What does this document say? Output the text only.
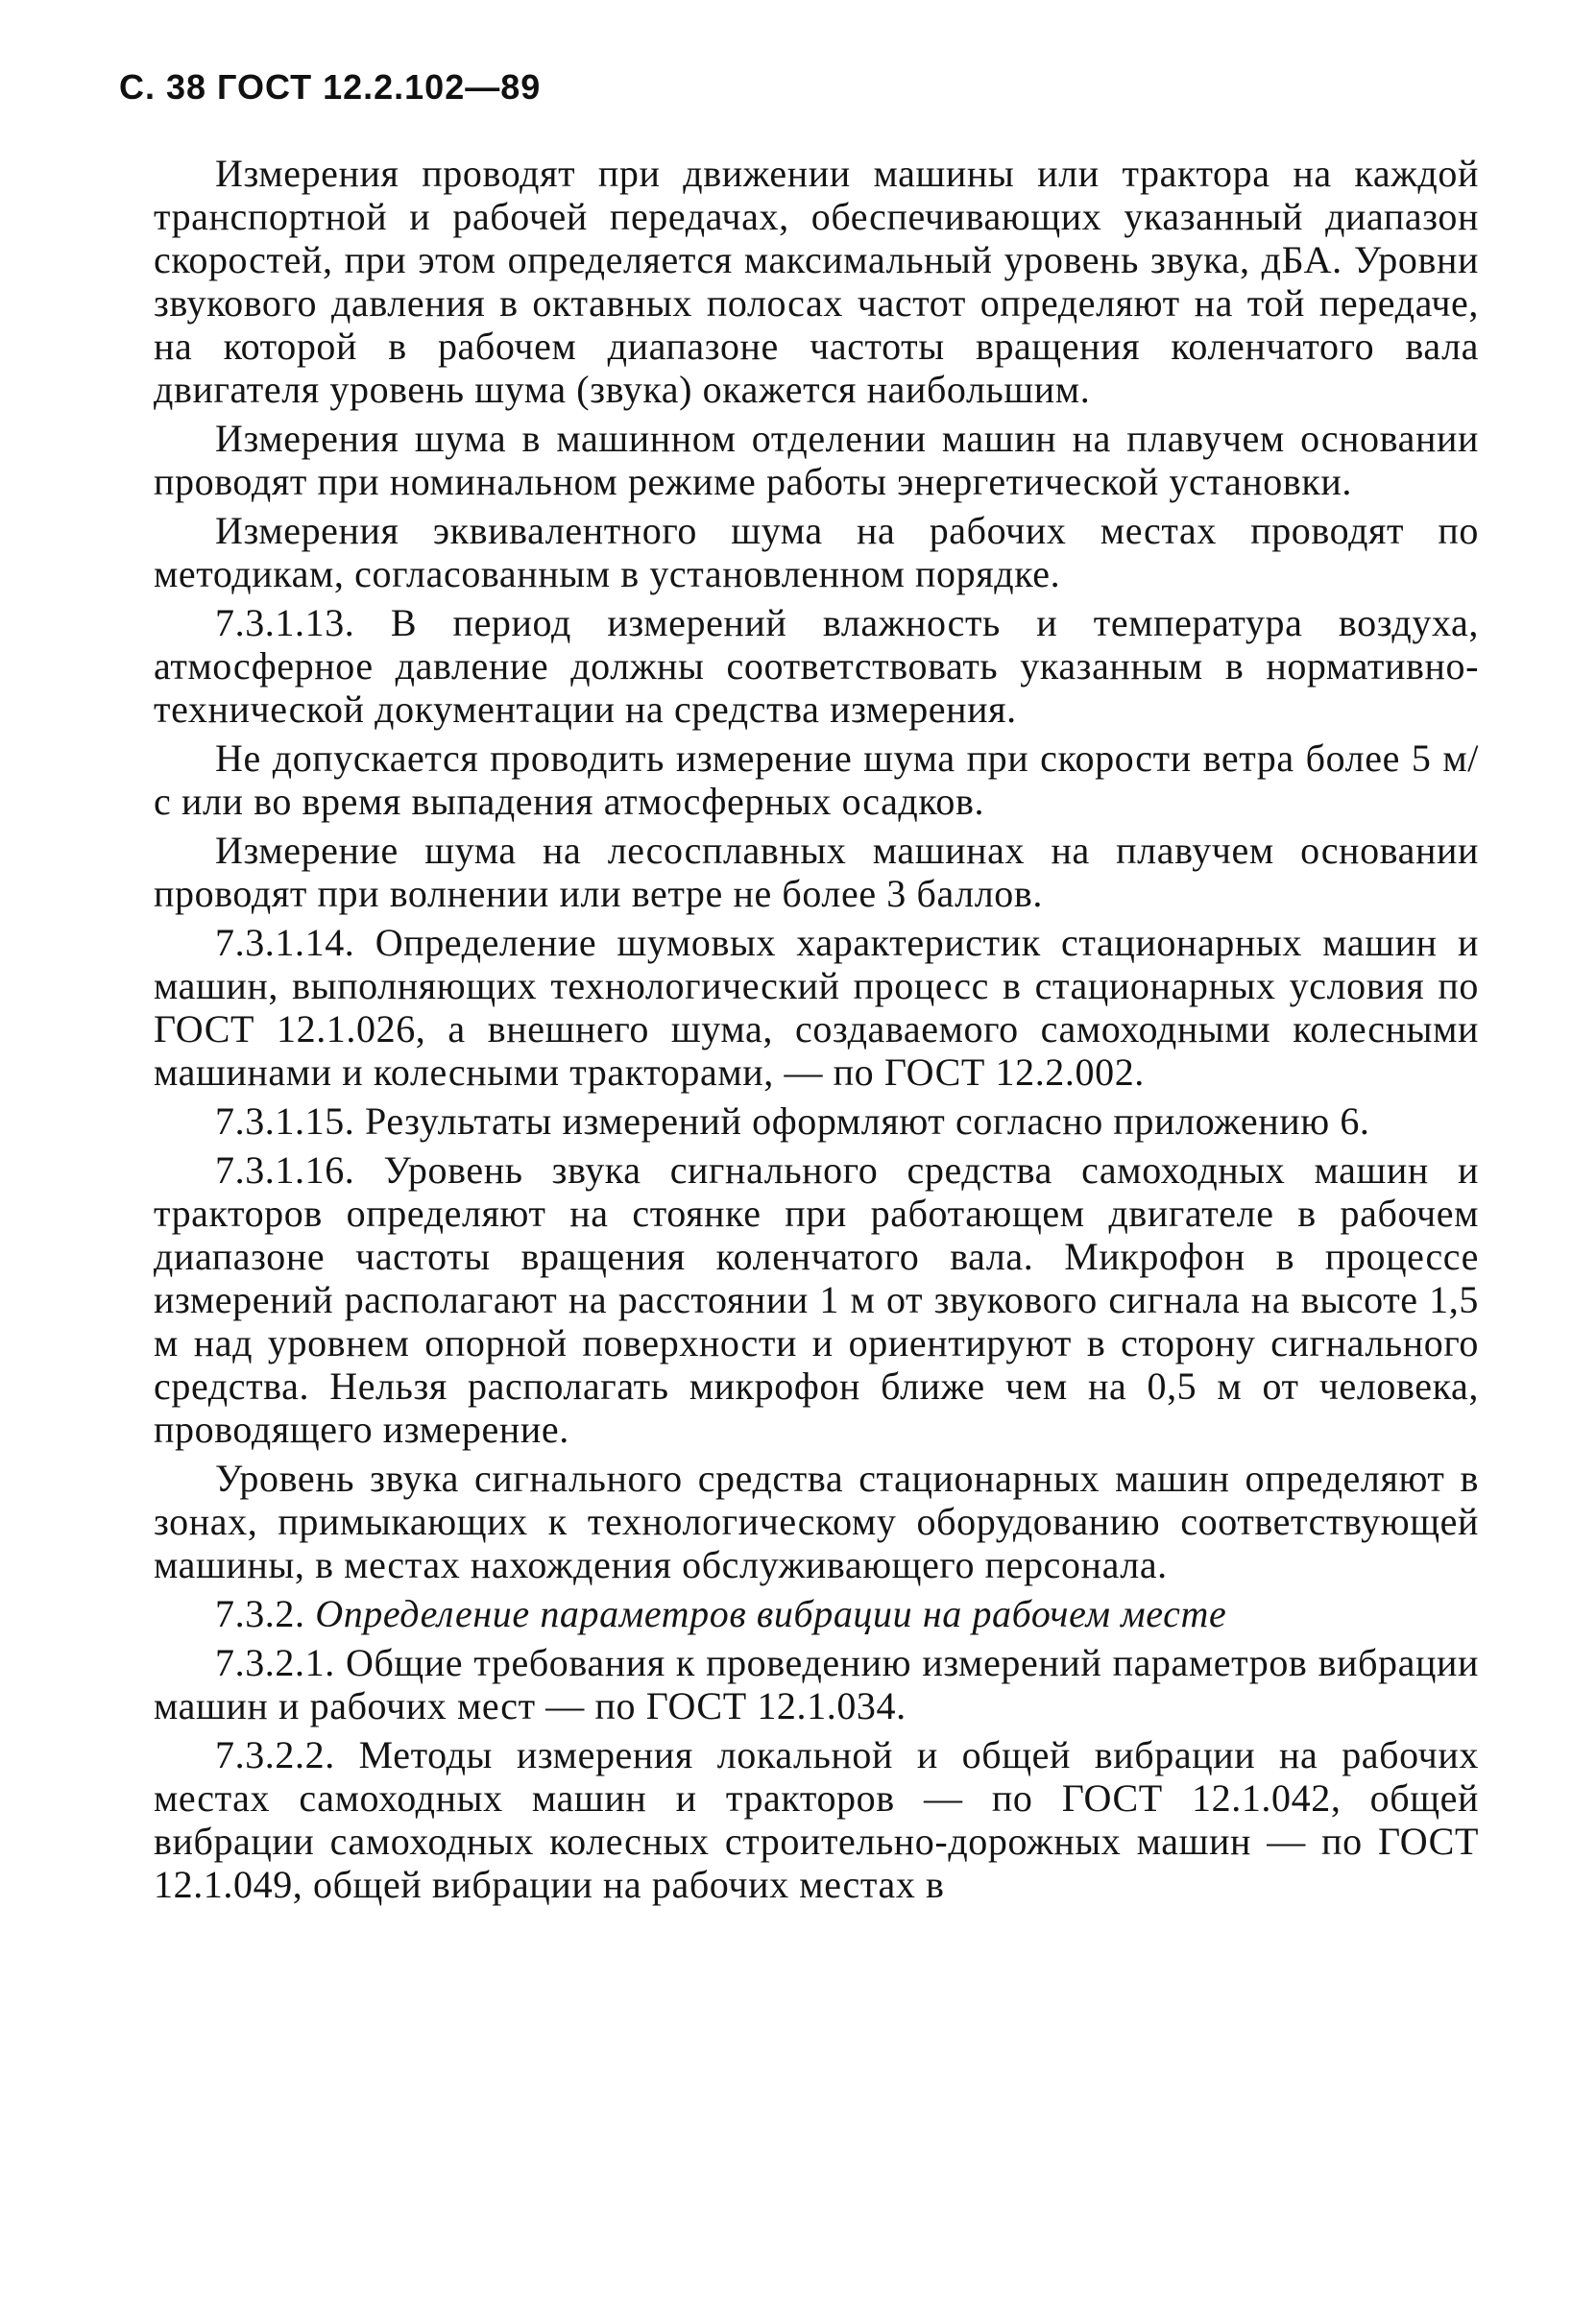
С. 38 ГОСТ 12.2.102—89

Измерения проводят при движении машины или трактора на каждой транспортной и рабочей передачах, обеспечивающих указанный диапазон скоростей, при этом определяется максимальный уровень звука, дБА. Уровни звукового давления в октавных полосах частот определяют на той передаче, на которой в рабочем диапазоне частоты вращения коленчатого вала двигателя уровень шума (звука) окажется наибольшим.

Измерения шума в машинном отделении машин на плавучем основании проводят при номинальном режиме работы энергетической установки.

Измерения эквивалентного шума на рабочих местах проводят по методикам, согласованным в установленном порядке.

7.3.1.13. В период измерений влажность и температура воздуха, атмосферное давление должны соответствовать указанным в нормативно-технической документации на средства измерения.

Не допускается проводить измерение шума при скорости ветра более 5 м/с или во время выпадения атмосферных осадков.

Измерение шума на лесосплавных машинах на плавучем основании проводят при волнении или ветре не более 3 баллов.

7.3.1.14. Определение шумовых характеристик стационарных машин и машин, выполняющих технологический процесс в стационарных условия по ГОСТ 12.1.026, а внешнего шума, создаваемого самоходными колесными машинами и колесными тракторами, — по ГОСТ 12.2.002.

7.3.1.15. Результаты измерений оформляют согласно приложению 6.

7.3.1.16. Уровень звука сигнального средства самоходных машин и тракторов определяют на стоянке при работающем двигателе в рабочем диапазоне частоты вращения коленчатого вала. Микрофон в процессе измерений располагают на расстоянии 1 м от звукового сигнала на высоте 1,5 м над уровнем опорной поверхности и ориентируют в сторону сигнального средства. Нельзя располагать микрофон ближе чем на 0,5 м от человека, проводящего измерение.

Уровень звука сигнального средства стационарных машин определяют в зонах, примыкающих к технологическому оборудованию соответствующей машины, в местах нахождения обслуживающего персонала.

7.3.2. Определение параметров вибрации на рабочем месте

7.3.2.1. Общие требования к проведению измерений параметров вибрации машин и рабочих мест — по ГОСТ 12.1.034.

7.3.2.2. Методы измерения локальной и общей вибрации на рабочих местах самоходных машин и тракторов — по ГОСТ 12.1.042, общей вибрации самоходных колесных строительно-дорожных машин — по ГОСТ 12.1.049, общей вибрации на рабочих местах в
